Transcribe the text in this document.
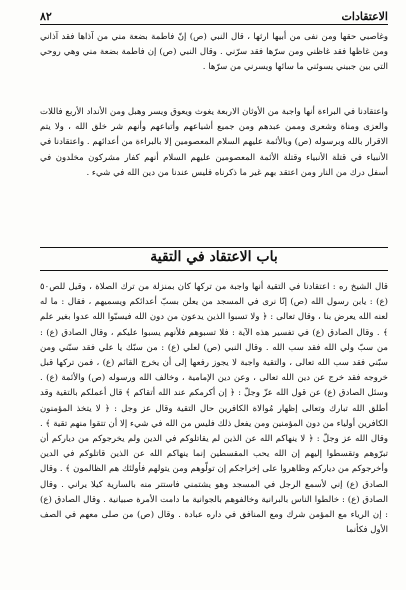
الاعتقادات
٨٢

وغاصبي حقها ومن نفى من أبيها ارثها ، قال النبي (ص) إنّ فاطمة بضعة مني من آذاها فقد آذاني ومن غاظها فقد غاظني ومن سرّها فقد سرّني . وقال النبي (ص) إن فاطمة بضعة مني وهي روحي التي بين جبيني يسوئني ما سائها ويسرني من سرّها .

واعتقادنا في البراءة أنها واجبة من الأوثان الاربعة يغوث ويعوق ويسر وهبل ومن الأنداد الأربع فاللات والعزى ومناة وشعرى وممن عبدهم ومن جميع أشياعهم وأتباعهم وأنهم شر خلق الله ، ولا يتم الاقرار بالله وبرسوله (ص) وبالأئمة عليهم السلام المعصومين إلا بالبراءة من أعدائهم . واعتقادنا في الأنبياء في قتلة الأنبياء وقتلة الأئمة المعصومين عليهم السلام أنهم كفار مشركون مخلدون في أسفل درك من النار ومن اعتقد بهم غير ما ذكرناه فليس عندنا من دين الله في شيء .

باب الاعتقاد في التقية

قال الشيخ ره : اعتقادنا في التقية أنها واجبة من تركها كان بمنزلة من ترك الصلاة ، وقيل للص٥٠ (ع) : يابن رسول الله (ص) إنّا نرى في المسجد من يعلن بسبّ أعدائكم ويسميهم ، فقال : ما له لعنه الله يعرض بنا ، وقال تعالى : ﴿ ولا تسبوا الذين يدعون من دون الله فيسبّوا الله عدوا بغير علم ﴾ . وقال الصادق (ع) في تفسير هذه الآية : فلا تسبوهم فلأنهم يسبوا عليكم ، وقال الصادق (ع) : من سبّ ولي الله فقد سب الله . وقال النبي (ص) لعلي (ع) : من سبّك يا علي فقد سبّني ومن سبّني فقد سب الله تعالى ، والتقية واجبة لا يجوز رفعها إلى أن يخرج القائم (ع) ، فمن تركها قبل خروجه فقد خرج عن دين الله تعالى ، وعن دين الإمامية ، وخالف الله ورسوله (ص) والأئمة (ع) . وسئل الصادق (ع) عن قول الله عزّ وجلّ : ﴿ إن أكرمكم عند الله أتقاكم ﴾ قال أعملكم بالتقية وقد أطلق الله تبارك وتعالى إظهار مُوالاة الكافرين حال التقية وقال عز وجل : ﴿ لا يتخذ المؤمنون الكافرين أولياء من دون المؤمنين ومن يفعل ذلك فليس من الله في شيء إلا أن تتقوا منهم تقية ﴾ . وقال الله عز وجلّ : ﴿ لا ينهاكم الله عن الذين لم يقاتلوكم في الدين ولم يخرجوكم من دياركم أن تبرّوهم وتقسطوا إليهم إن الله يحب المقسطين إنما ينهاكم الله عن الذين قاتلوكم في الدين وأخرجوكم من دياركم وظاهروا على إخراجكم إن تولّوهم ومن يتولهم فأولئك هم الظالمون ﴾ . وقال الصادق (ع) إني لأسمع الرجل في المسجد وهو يشتمني فاستتر منه بالسارية كيلا يراني . وقال الصادق (ع) : خالطوا الناس بالبرانية وخالفوهم بالجوانية ما دامت الأمرة صبيانية . وقال الصادق (ع) : إن الرياء مع المؤمن شرك ومع المنافق في داره عبادة . وقال (ص) من صلى معهم في الصف الأول فكأنما
